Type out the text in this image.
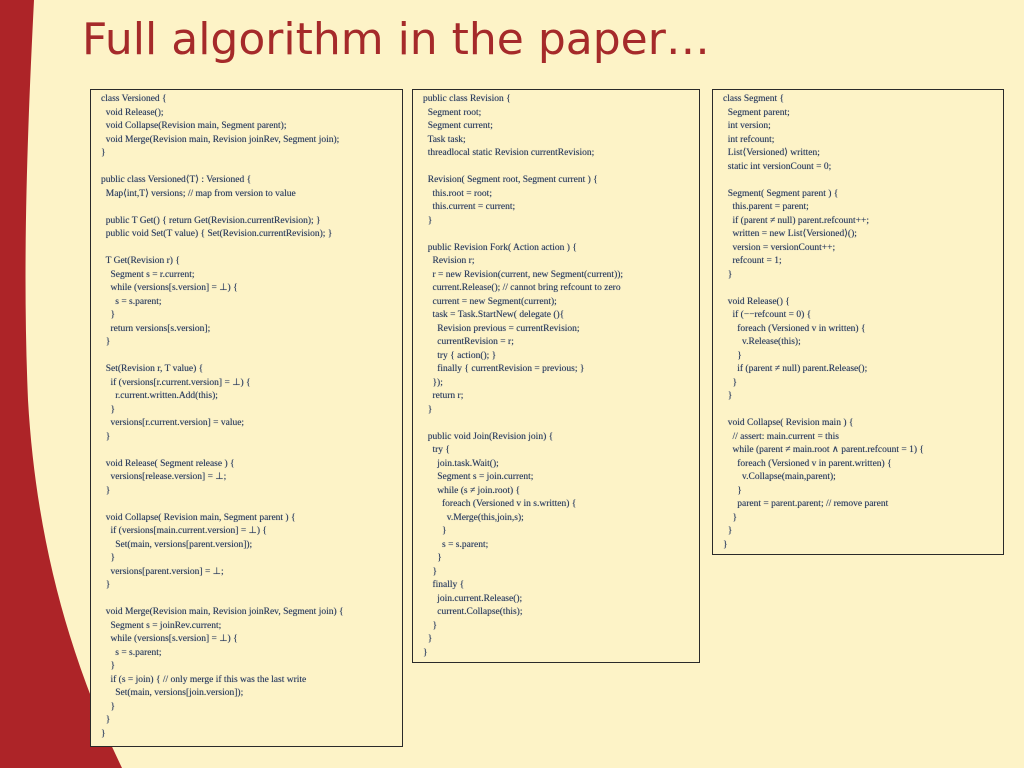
Full algorithm in the paper…
class Versioned {
void Release();
void Collapse(Revision main, Segment parent);
void Merge(Revision main, Revision joinRev, Segment join);
}
public class Versioned⟨T⟩ : Versioned {
Map⟨int,T⟩ versions; // map from version to value
public T Get() { return Get(Revision.currentRevision); }
public void Set(T value) { Set(Revision.currentRevision); }
T Get(Revision r) {
Segment s = r.current;
while (versions[s.version] = ⊥) {
s = s.parent;
}
return versions[s.version];
}
Set(Revision r, T value) {
if (versions[r.current.version] = ⊥) {
r.current.written.Add(this);
}
versions[r.current.version] = value;
}
void Release( Segment release ) {
versions[release.version] = ⊥;
}
void Collapse( Revision main, Segment parent ) {
if (versions[main.current.version] = ⊥) {
Set(main, versions[parent.version]);
}
versions[parent.version] = ⊥;
}
void Merge(Revision main, Revision joinRev, Segment join) {
Segment s = joinRev.current;
while (versions[s.version] = ⊥) {
s = s.parent;
}
if (s = join) { // only merge if this was the last write
Set(main, versions[join.version]);
}
}
}
public class Revision {
Segment root;
Segment current;
Task task;
threadlocal static Revision currentRevision;
Revision( Segment root, Segment current ) {
this.root = root;
this.current = current;
}
public Revision Fork( Action action ) {
Revision r;
r = new Revision(current, new Segment(current));
current.Release(); // cannot bring refcount to zero
current = new Segment(current);
task = Task.StartNew( delegate (){
Revision previous = currentRevision;
currentRevision = r;
try { action(); }
finally { currentRevision = previous; }
});
return r;
}
public void Join(Revision join) {
try {
join.task.Wait();
Segment s = join.current;
while (s ≠ join.root) {
foreach (Versioned v in s.written) {
v.Merge(this,join,s);
}
s = s.parent;
}
}
finally {
join.current.Release();
current.Collapse(this);
}
}
}
class Segment {
Segment parent;
int version;
int refcount;
List⟨Versioned⟩ written;
static int versionCount = 0;
Segment( Segment parent ) {
this.parent = parent;
if (parent ≠ null) parent.refcount++;
written = new List⟨Versioned⟩();
version = versionCount++;
refcount = 1;
}
void Release() {
if (−−refcount = 0) {
foreach (Versioned v in written) {
v.Release(this);
}
if (parent ≠ null) parent.Release();
}
}
void Collapse( Revision main ) {
// assert: main.current = this
while (parent ≠ main.root ∧ parent.refcount = 1) {
foreach (Versioned v in parent.written) {
v.Collapse(main,parent);
}
parent = parent.parent; // remove parent
}
}
}
